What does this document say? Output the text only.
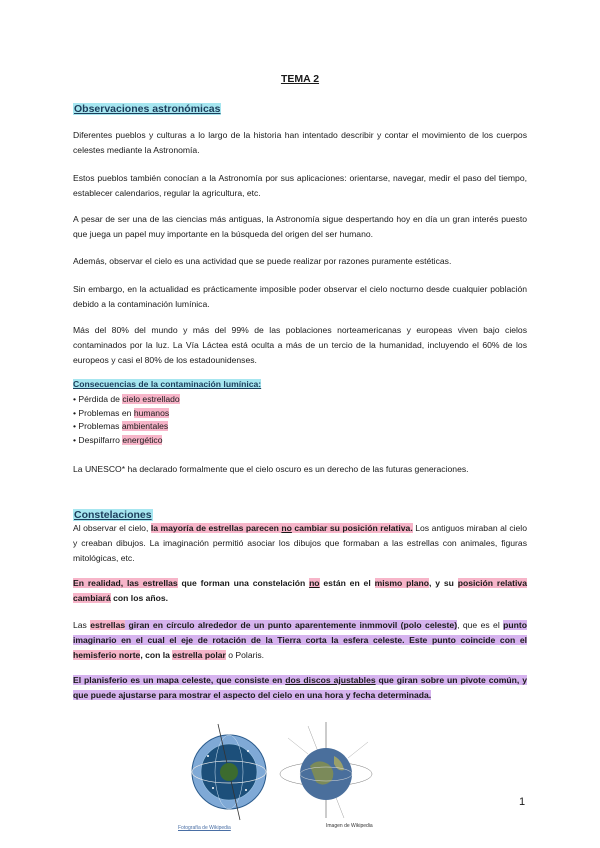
TEMA 2
Observaciones astronómicas
Diferentes pueblos y culturas a lo largo de la historia han intentado describir y contar el movimiento de los cuerpos celestes mediante la Astronomía.
Estos pueblos también conocían a la Astronomía por sus aplicaciones: orientarse, navegar, medir el paso del tiempo, establecer calendarios, regular la agricultura, etc.
A pesar de ser una de las ciencias más antiguas, la Astronomía sigue despertando hoy en día un gran interés puesto que juega un papel muy importante en la búsqueda del origen del ser humano.
Además, observar el cielo es una actividad que se puede realizar por razones puramente estéticas.
Sin embargo, en la actualidad es prácticamente imposible poder observar el cielo nocturno desde cualquier población debido a la contaminación lumínica.
Más del 80% del mundo y más del 99% de las poblaciones norteamericanas y europeas viven bajo cielos contaminados por la luz. La Vía Láctea está oculta a más de un tercio de la humanidad, incluyendo el 60% de los europeos y casi el 80% de los estadounidenses.
Consecuencias de la contaminación lumínica:
• Pérdida de cielo estrellado
• Problemas en humanos
• Problemas ambientales
• Despilfarro energético
La UNESCO* ha declarado formalmente que el cielo oscuro es un derecho de las futuras generaciones.
Constelaciones
Al observar el cielo, la mayoría de estrellas parecen no cambiar su posición relativa. Los antiguos miraban al cielo y creaban dibujos. La imaginación permitió asociar los dibujos que formaban a las estrellas con animales, figuras mitológicas, etc.
En realidad, las estrellas que forman una constelación no están en el mismo plano, y su posición relativa cambiará con los años.
Las estrellas giran en círculo alrededor de un punto aparentemente inmmovil (polo celeste), que es el punto imaginario en el cual el eje de rotación de la Tierra corta la esfera celeste. Este punto coincide con el hemisferio norte, con la estrella polar o Polaris.
El planisferio es un mapa celeste, que consiste en dos discos ajustables que giran sobre un pivote común, y que puede ajustarse para mostrar el aspecto del cielo en una hora y fecha determinada.
Fotografía de Wikipedia	Imagen de Wikipedia
1
